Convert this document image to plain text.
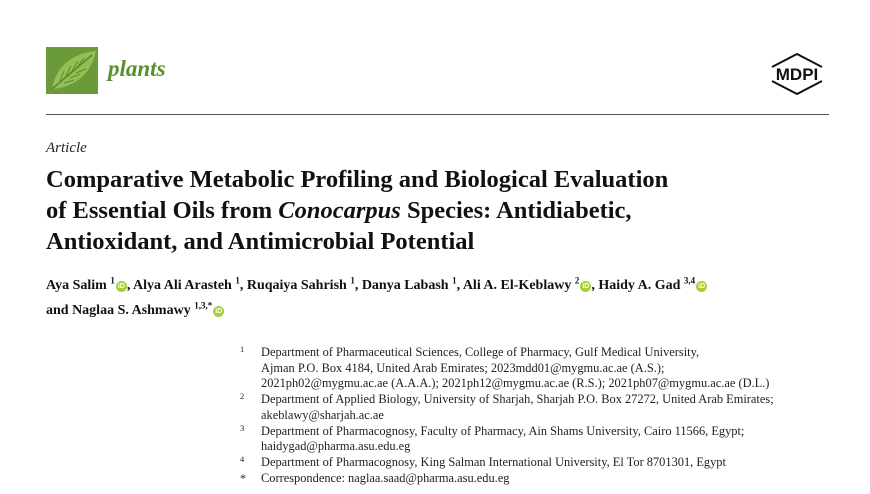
plants	MDPI
Article
Comparative Metabolic Profiling and Biological Evaluation
of Essential Oils from Conocarpus Species: Antidiabetic,
Antioxidant, and Antimicrobial Potential
Aya Salim $^1$iD , Alya Ali Arasteh $^1$, Ruqaiya Sahrish $^1$, Danya Labash $^1$, Ali A. El-Keblawy $^2$iD , Haidy A. Gad $^{3,4}$iD
and Naglaa S. Ashmawy $^{1,3,*}$iD
1 Department of Pharmaceutical Sciences, College of Pharmacy, Gulf Medical University,
Ajman P.O. Box 4184, United Arab Emirates; 2023mdd01@mygmu.ac.ae (A.S.);
2021ph02@mygmu.ac.ae (A.A.A.); 2021ph12@mygmu.ac.ae (R.S.); 2021ph07@mygmu.ac.ae (D.L.)
2 Department of Applied Biology, University of Sharjah, Sharjah P.O. Box 27272, United Arab Emirates;
akeblawy@sharjah.ac.ae
3 Department of Pharmacognosy, Faculty of Pharmacy, Ain Shams University, Cairo 11566, Egypt;
haidygad@pharma.asu.edu.eg
4 Department of Pharmacognosy, King Salman International University, El Tor 8701301, Egypt
* Correspondence: naglaa.saad@pharma.asu.edu.eg
